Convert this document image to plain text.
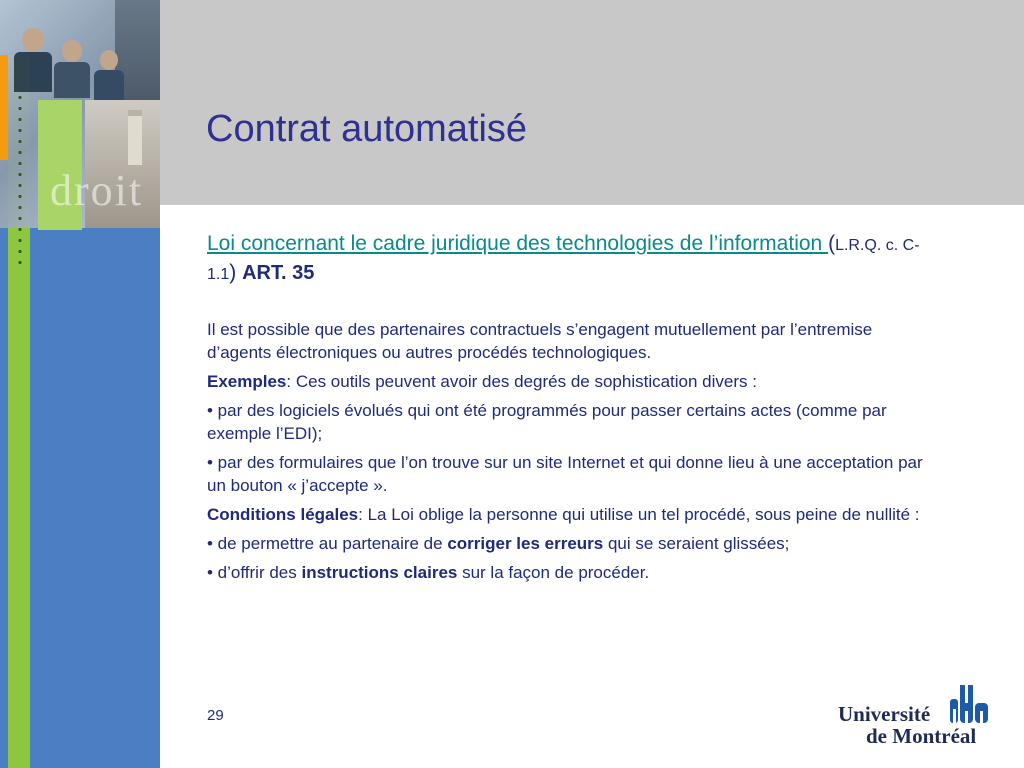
droit
Contrat automatisé
Loi concernant le cadre juridique des technologies de l’information (L.R.Q. c. C-1.1) ART. 35

Il est possible que des partenaires contractuels s’engagent mutuellement par l’entremise d’agents électroniques ou autres procédés technologiques.

Exemples: Ces outils peuvent avoir des degrés de sophistication divers :

• par des logiciels évolués qui ont été programmés pour passer certains actes (comme par exemple l’EDI);

• par des formulaires que l’on trouve sur un site Internet et qui donne lieu à une acceptation par un bouton « j’accepte ».

Conditions légales: La Loi oblige la personne qui utilise un tel procédé, sous peine de nullité :

• de permettre au partenaire de corriger les erreurs qui se seraient glissées;

• d’offrir des instructions claires sur la façon de procéder.

29	Université
de Montréal
